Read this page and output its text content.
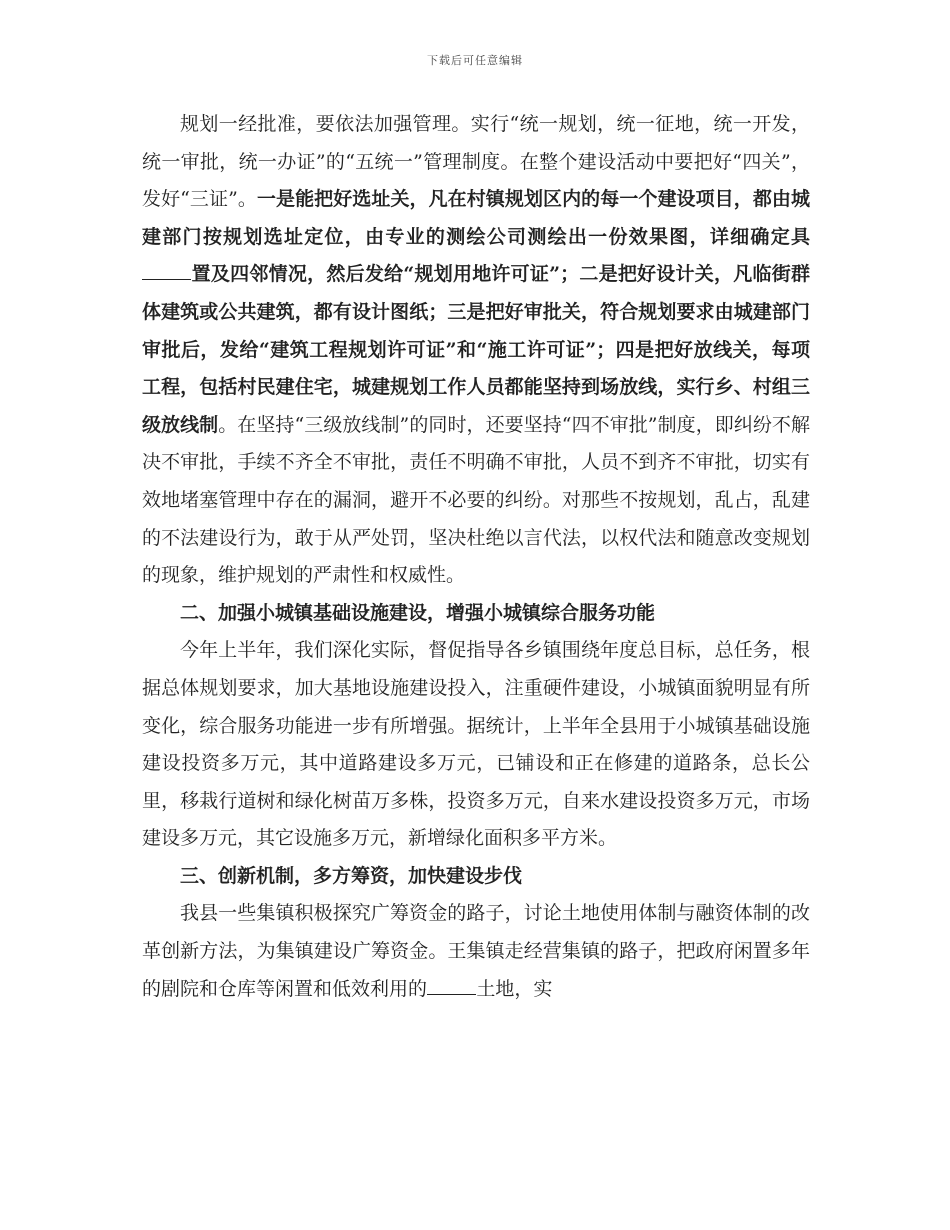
下载后可任意编辑

规划一经批准，要依法加强管理。实行“统一规划，统一征地，统一开发，统一审批，统一办证”的“五统一”管理制度。在整个建设活动中要把好“四关”，发好“三证”。一是能把好选址关，凡在村镇规划区内的每一个建设项目，都由城建部门按规划选址定位，由专业的测绘公司测绘出一份效果图，详细确定具置及四邻情况，然后发给“规划用地许可证”；二是把好设计关，凡临街群体建筑或公共建筑，都有设计图纸；三是把好审批关，符合规划要求由城建部门审批后，发给“建筑工程规划许可证”和“施工许可证”；四是把好放线关，每项工程，包括村民建住宅，城建规划工作人员都能坚持到场放线，实行乡、村组三级放线制。在坚持“三级放线制”的同时，还要坚持“四不审批”制度，即纠纷不解决不审批，手续不齐全不审批，责任不明确不审批，人员不到齐不审批，切实有效地堵塞管理中存在的漏洞，避开不必要的纠纷。对那些不按规划，乱占，乱建的不法建设行为，敢于从严处罚，坚决杜绝以言代法，以权代法和随意改变规划的现象，维护规划的严肃性和权威性。

二、加强小城镇基础设施建设，增强小城镇综合服务功能

今年上半年，我们深化实际，督促指导各乡镇围绕年度总目标，总任务，根据总体规划要求，加大基地设施建设投入，注重硬件建设，小城镇面貌明显有所变化，综合服务功能进一步有所增强。据统计，上半年全县用于小城镇基础设施建设投资多万元，其中道路建设多万元，已铺设和正在修建的道路条，总长公里，移栽行道树和绿化树苗万多株，投资多万元，自来水建设投资多万元，市场建设多万元，其它设施多万元，新增绿化面积多平方米。

三、创新机制，多方筹资，加快建设步伐

我县一些集镇积极探究广筹资金的路子，讨论土地使用体制与融资体制的改革创新方法，为集镇建设广筹资金。王集镇走经营集镇的路子，把政府闲置多年的剧院和仓库等闲置和低效利用的	土地，实
